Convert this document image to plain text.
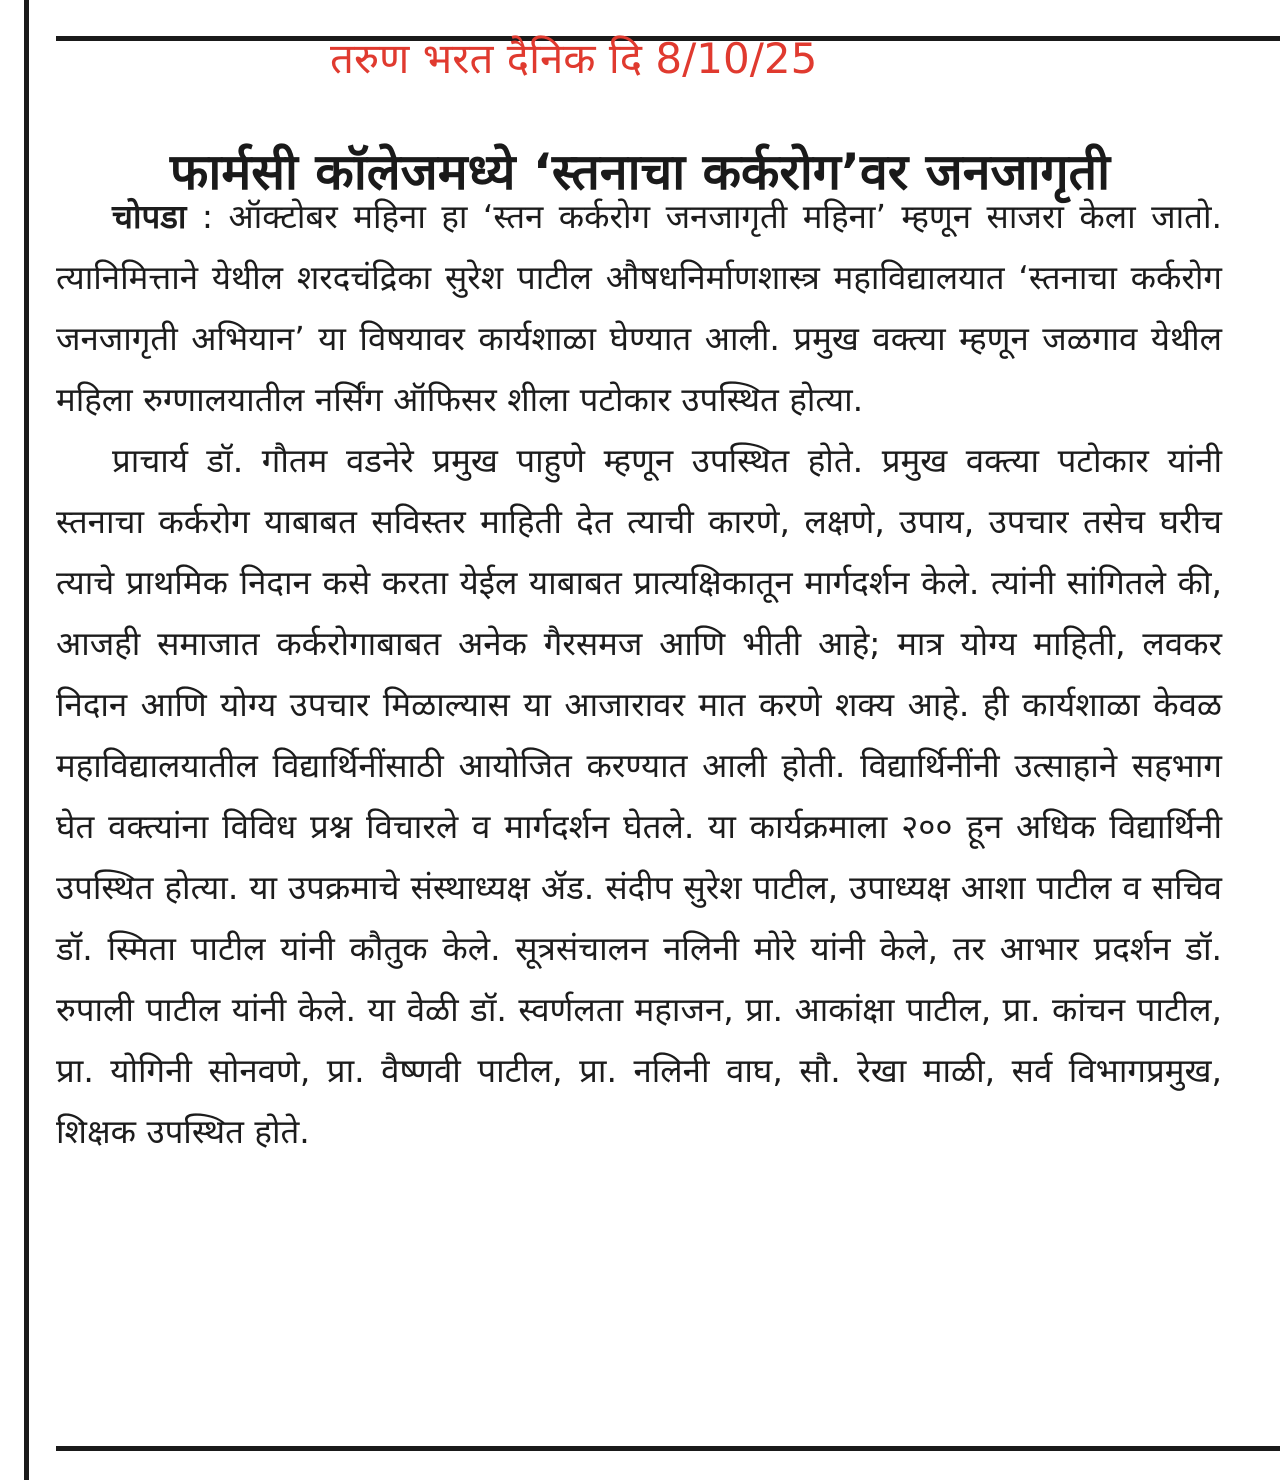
तरुण भरत दैनिक दि 8/10/25
फार्मसी कॉलेजमध्ये ‘स्तनाचा कर्करोग’वर जनजागृती

चोपडा : ऑक्टोबर महिना हा ‘स्तन कर्करोग जनजागृती महिना’ म्हणून साजरा केला जातो. त्यानिमित्ताने येथील शरदचंद्रिका सुरेश पाटील औषधनिर्माणशास्त्र महाविद्यालयात ‘स्तनाचा कर्करोग जनजागृती अभियान’ या विषयावर कार्यशाळा घेण्यात आली. प्रमुख वक्त्या म्हणून जळगाव येथील महिला रुग्णालयातील नर्सिंग ऑफिसर शीला पटोकार उपस्थित होत्या.

प्राचार्य डॉ. गौतम वडनेरे प्रमुख पाहुणे म्हणून उपस्थित होते. प्रमुख वक्त्या पटोकार यांनी स्तनाचा कर्करोग याबाबत सविस्तर माहिती देत त्याची कारणे, लक्षणे, उपाय, उपचार तसेच घरीच त्याचे प्राथमिक निदान कसे करता येईल याबाबत प्रात्यक्षिकातून मार्गदर्शन केले. त्यांनी सांगितले की, आजही समाजात कर्करोगाबाबत अनेक गैरसमज आणि भीती आहे; मात्र योग्य माहिती, लवकर निदान आणि योग्य उपचार मिळाल्यास या आजारावर मात करणे शक्य आहे. ही कार्यशाळा केवळ महाविद्यालयातील विद्यार्थिनींसाठी आयोजित करण्यात आली होती. विद्यार्थिनींनी उत्साहाने सहभाग घेत वक्त्यांना विविध प्रश्न विचारले व मार्गदर्शन घेतले. या कार्यक्रमाला २०० हून अधिक विद्यार्थिनी उपस्थित होत्या. या उपक्रमाचे संस्थाध्यक्ष ॲड. संदीप सुरेश पाटील, उपाध्यक्ष आशा पाटील व सचिव डॉ. स्मिता पाटील यांनी कौतुक केले. सूत्रसंचालन नलिनी मोरे यांनी केले, तर आभार प्रदर्शन डॉ. रुपाली पाटील यांनी केले. या वेळी डॉ. स्वर्णलता महाजन, प्रा. आकांक्षा पाटील, प्रा. कांचन पाटील, प्रा. योगिनी सोनवणे, प्रा. वैष्णवी पाटील, प्रा. नलिनी वाघ, सौ. रेखा माळी, सर्व विभागप्रमुख, शिक्षक उपस्थित होते.
